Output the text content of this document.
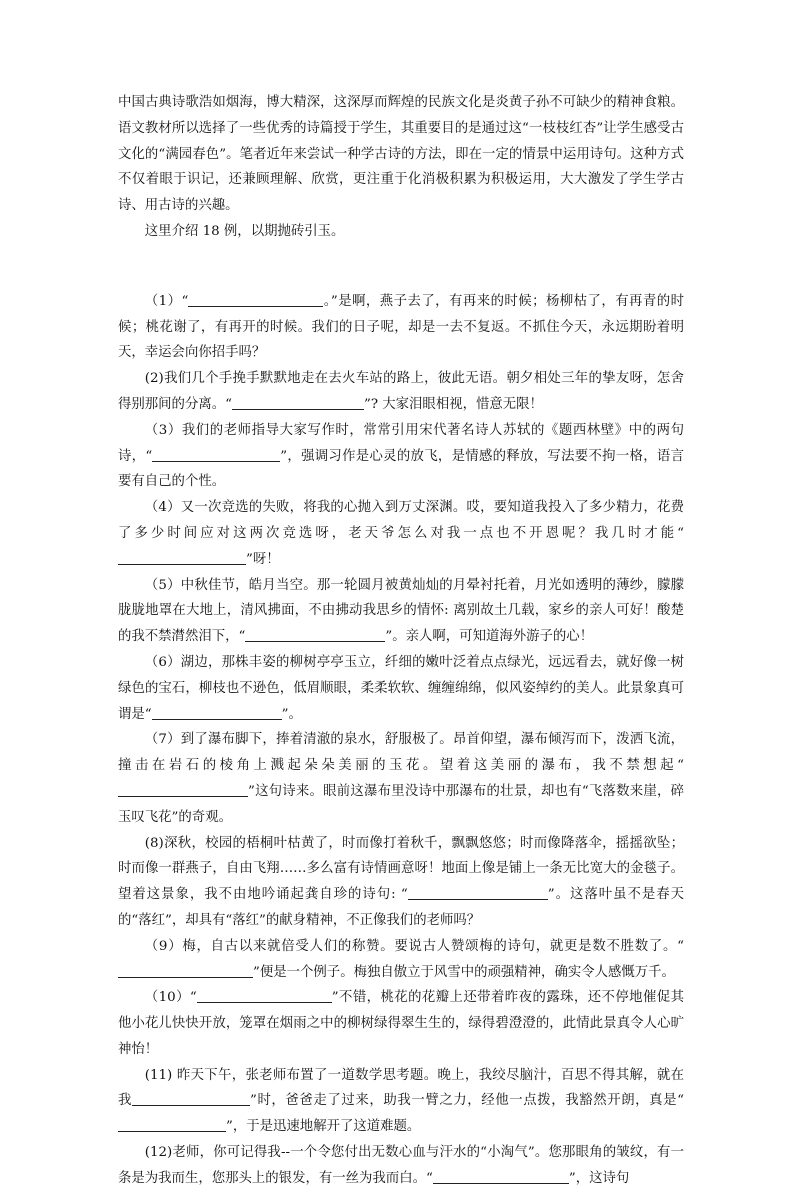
中国古典诗歌浩如烟海，博大精深，这深厚而辉煌的民族文化是炎黄子孙不可缺少的精神食粮。语文教材所以选择了一些优秀的诗篇授于学生，其重要目的是通过这“一枝枝红杏”让学生感受古文化的“满园春色”。笔者近年来尝试一种学古诗的方法，即在一定的情景中运用诗句。这种方式不仅着眼于识记，还兼顾理解、欣赏，更注重于化消极积累为积极运用，大大激发了学生学古诗、用古诗的兴趣。

这里介绍 18 例，以期抛砖引玉。

（1）“	。”是啊，燕子去了，有再来的时候；杨柳枯了，有再青的时候；桃花谢了，有再开的时候。我们的日子呢，却是一去不复返。不抓住今天，永远期盼着明天，幸运会向你招手吗？

(2)我们几个手挽手默默地走在去火车站的路上，彼此无语。朝夕相处三年的挚友呀，怎舍得别那间的分离。“	”? 大家泪眼相视，惜意无限！

（3）我们的老师指导大家写作时，常常引用宋代著名诗人苏轼的《题西林壁》中的两句诗，“	”，强调习作是心灵的放飞，是情感的释放，写法要不拘一格，语言要有自己的个性。

（4）又一次竞选的失败，将我的心抛入到万丈深渊。哎，要知道我投入了多少精力，花费了多少时间应对这两次竞选呀，老天爷怎么对我一点也不开恩呢？我几时才能“”呀！

（5）中秋佳节，皓月当空。那一轮圆月被黄灿灿的月晕衬托着，月光如透明的薄纱，朦朦胧胧地罩在大地上，清风拂面，不由拂动我思乡的情怀: 离别故土几载，家乡的亲人可好！酸楚的我不禁潸然泪下，“	”。亲人啊，可知道海外游子的心！

（6）湖边，那株丰姿的柳树亭亭玉立，纤细的嫩叶泛着点点绿光，远远看去，就好像一树绿色的宝石，柳枝也不逊色，低眉顺眼，柔柔软软、缠缠绵绵，似风姿绰约的美人。此景象真可谓是“	”。

（7）到了瀑布脚下，捧着清澈的泉水，舒服极了。昂首仰望，瀑布倾泻而下，泼洒飞流，撞击在岩石的棱角上溅起朵朵美丽的玉花。望着这美丽的瀑布，我不禁想起“”这句诗来。眼前这瀑布里没诗中那瀑布的壮景，却也有“飞落数来崖，碎玉叹飞花”的奇观。

(8)深秋，校园的梧桐叶枯黄了，时而像打着秋千，飘飘悠悠；时而像降落伞，摇摇欲坠；时而像一群燕子，自由飞翔……多么富有诗情画意呀！地面上像是铺上一条无比宽大的金毯子。望着这景象，我不由地吟诵起龚自珍的诗句: “	”。这落叶虽不是春天的“落红”，却具有“落红”的献身精神，不正像我们的老师吗？

（9）梅，自古以来就倍受人们的称赞。要说古人赞颂梅的诗句，就更是数不胜数了。“”便是一个例子。梅独自傲立于风雪中的顽强精神，确实令人感慨万千。

（10）“	”不错，桃花的花瓣上还带着昨夜的露珠，还不停地催促其他小花儿快快开放，笼罩在烟雨之中的柳树绿得翠生生的，绿得碧澄澄的，此情此景真令人心旷神怡！

(11) 昨天下午，张老师布置了一道数学思考题。晚上，我绞尽脑汁，百思不得其解，就在我	”时，爸爸走了过来，助我一臂之力，经他一点拨，我豁然开朗，真是“”，于是迅速地解开了这道难题。

(12)老师，你可记得我--一个令您付出无数心血与汗水的“小淘气”。您那眼角的皱纹，有一条是为我而生，您那头上的银发，有一丝为我而白。“	”，这诗句
